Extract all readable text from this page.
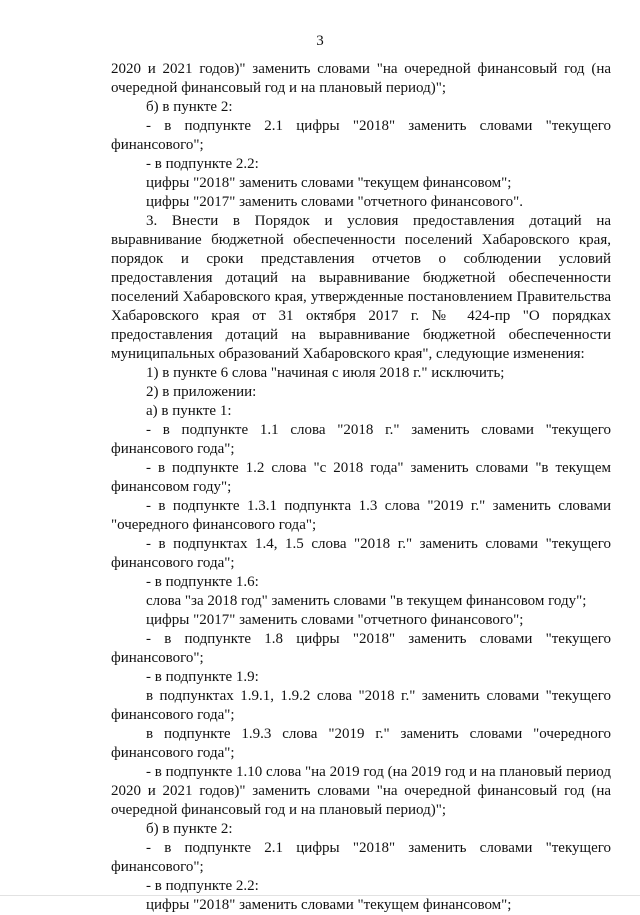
3

2020 и 2021 годов)" заменить словами "на очередной финансовый год (на очередной финансовый год и на плановый период)";

б) в пункте 2:

- в подпункте 2.1 цифры "2018" заменить словами "текущего финансового";

- в подпункте 2.2:

цифры "2018" заменить словами "текущем финансовом";

цифры "2017" заменить словами "отчетного финансового".

3. Внести в Порядок и условия предоставления дотаций на выравнивание бюджетной обеспеченности поселений Хабаровского края, порядок и сроки представления отчетов о соблюдении условий предоставления дотаций на выравнивание бюджетной обеспеченности поселений Хабаровского края, утвержденные постановлением Правительства Хабаровского края от 31 октября 2017 г. № 424-пр "О порядках предоставления дотаций на выравнивание бюджетной обеспеченности муниципальных образований Хабаровского края", следующие изменения:

1) в пункте 6 слова "начиная с июля 2018 г." исключить;

2) в приложении:

а) в пункте 1:

- в подпункте 1.1 слова "2018 г." заменить словами "текущего финансового года";

- в подпункте 1.2 слова "с 2018 года" заменить словами "в текущем финансовом году";

- в подпункте 1.3.1 подпункта 1.3 слова "2019 г." заменить словами "очередного финансового года";

- в подпунктах 1.4, 1.5 слова "2018 г." заменить словами "текущего финансового года";

- в подпункте 1.6:

слова "за 2018 год" заменить словами "в текущем финансовом году";

цифры "2017" заменить словами "отчетного финансового";

- в подпункте 1.8 цифры "2018" заменить словами "текущего финансового";

- в подпункте 1.9:

в подпунктах 1.9.1, 1.9.2 слова "2018 г." заменить словами "текущего финансового года";

в подпункте 1.9.3 слова "2019 г." заменить словами "очередного финансового года";

- в подпункте 1.10 слова "на 2019 год (на 2019 год и на плановый период 2020 и 2021 годов)" заменить словами "на очередной финансовый год (на очередной финансовый год и на плановый период)";

б) в пункте 2:

- в подпункте 2.1 цифры "2018" заменить словами "текущего финансового";

- в подпункте 2.2:

цифры "2018" заменить словами "текущем финансовом";
